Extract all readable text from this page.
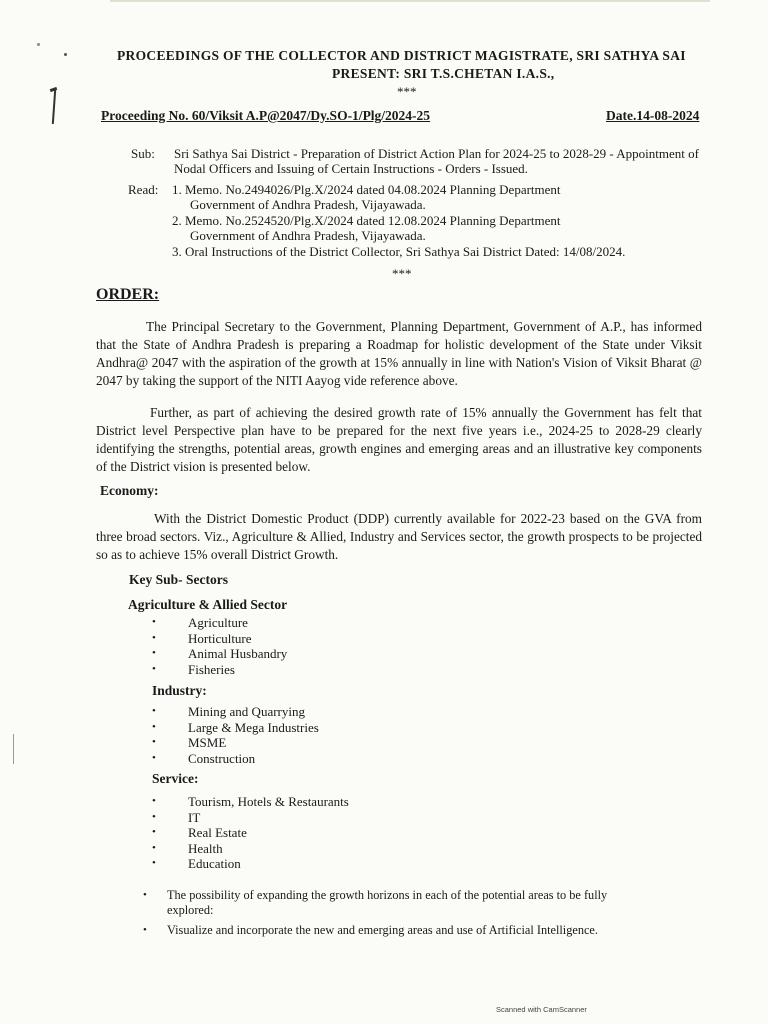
PROCEEDINGS OF THE COLLECTOR AND DISTRICT MAGISTRATE, SRI SATHYA SAI
PRESENT: SRI T.S.CHETAN I.A.S.,
***
Proceeding No. 60/Viksit A.P@2047/Dy.SO-1/Plg/2024-25	Date.14-08-2024
Sub: Sri Sathya Sai District - Preparation of District Action Plan for 2024-25 to 2028-29 - Appointment of Nodal Officers and Issuing of Certain Instructions - Orders - Issued.
Read: 1. Memo. No.2494026/Plg.X/2024 dated 04.08.2024 Planning Department
Government of Andhra Pradesh, Vijayawada.
2. Memo. No.2524520/Plg.X/2024 dated 12.08.2024 Planning Department
Government of Andhra Pradesh, Vijayawada.
3. Oral Instructions of the District Collector, Sri Sathya Sai District Dated: 14/08/2024.
***
ORDER:
The Principal Secretary to the Government, Planning Department, Government of A.P., has informed that the State of Andhra Pradesh is preparing a Roadmap for holistic development of the State under Viksit Andhra@ 2047 with the aspiration of the growth at 15% annually in line with Nation's Vision of Viksit Bharat @ 2047 by taking the support of the NITI Aayog vide reference above.
Further, as part of achieving the desired growth rate of 15% annually the Government has felt that District level Perspective plan have to be prepared for the next five years i.e., 2024-25 to 2028-29 clearly identifying the strengths, potential areas, growth engines and emerging areas and an illustrative key components of the District vision is presented below.
Economy:
With the District Domestic Product (DDP) currently available for 2022-23 based on the GVA from three broad sectors. Viz., Agriculture & Allied, Industry and Services sector, the growth prospects to be projected so as to achieve 15% overall District Growth.
Key Sub- Sectors
Agriculture & Allied Sector
• Agriculture
• Horticulture
• Animal Husbandry
• Fisheries
Industry:
• Mining and Quarrying
• Large & Mega Industries
• MSME
• Construction
Service:
• Tourism, Hotels & Restaurants
• IT
• Real Estate
• Health
• Education
• The possibility of expanding the growth horizons in each of the potential areas to be fully explored:
• Visualize and incorporate the new and emerging areas and use of Artificial Intelligence.
Scanned with CamScanner
